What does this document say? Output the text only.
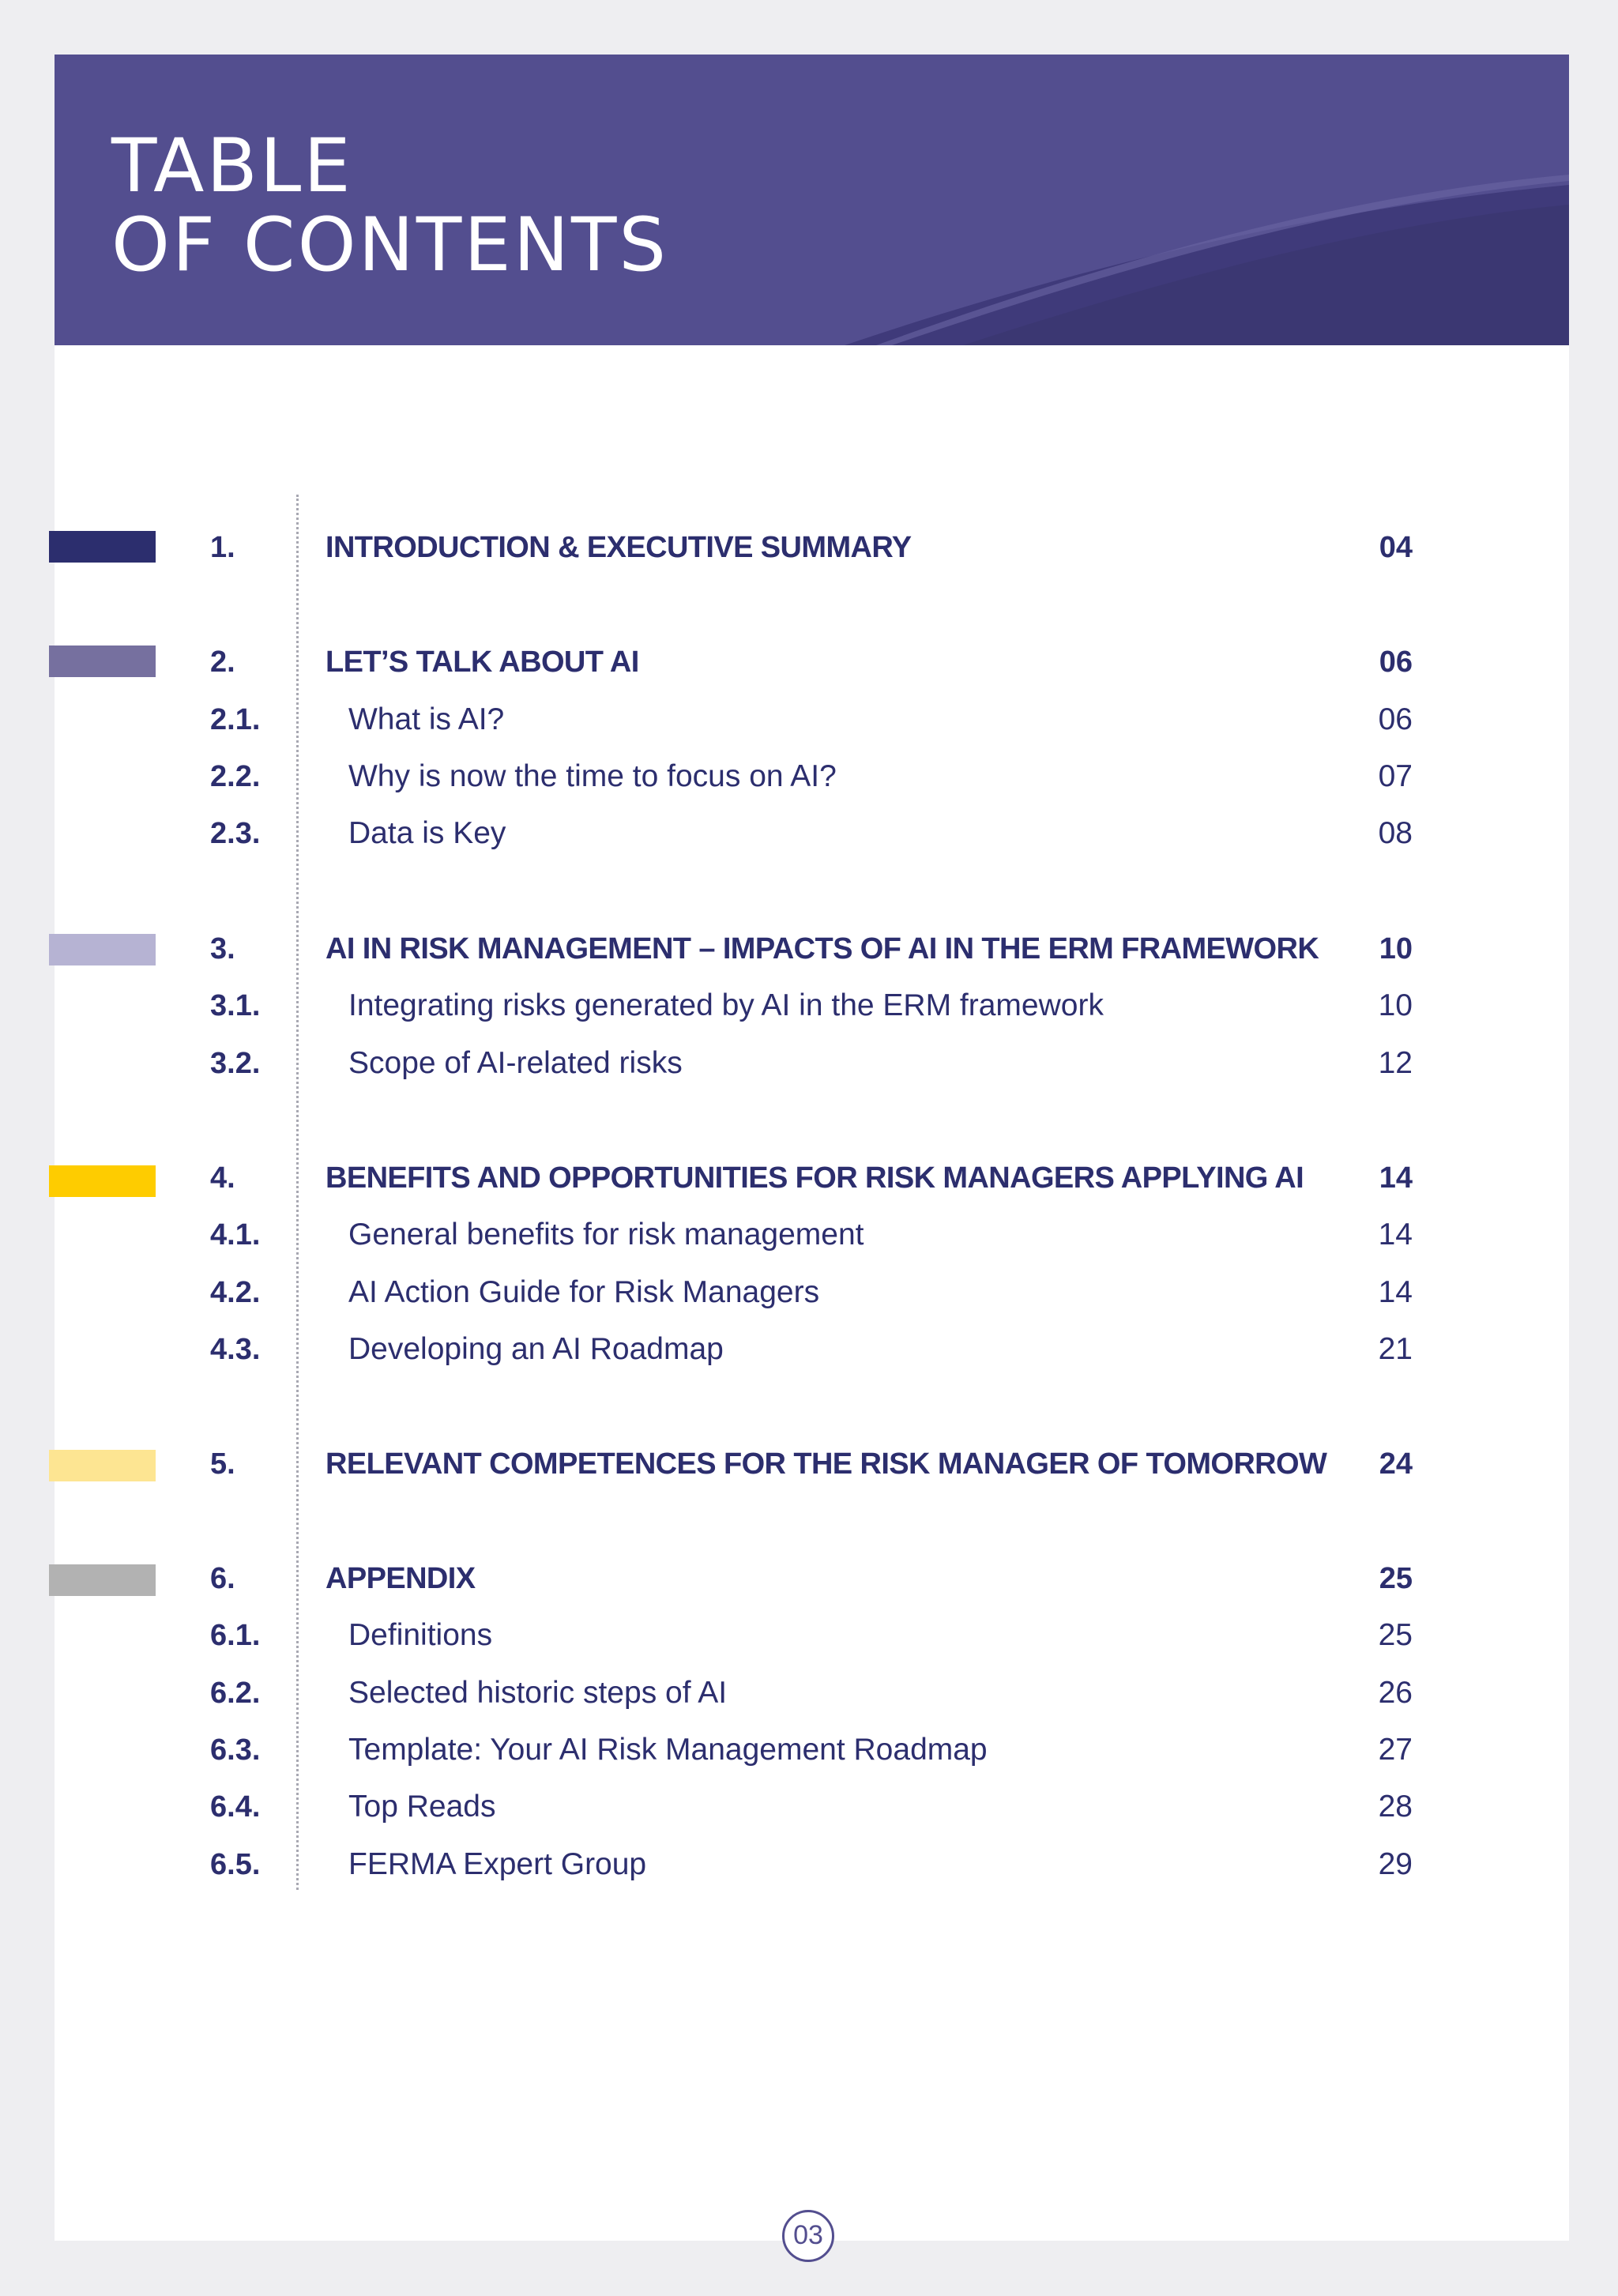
TABLE
OF CONTENTS
1.	INTRODUCTION & EXECUTIVE SUMMARY	04
2.	LET’S TALK ABOUT AI	06
2.1.	What is AI?	06
2.2.	Why is now the time to focus on AI?	07
2.3.	Data is Key	08
3.	AI IN RISK MANAGEMENT – IMPACTS OF AI IN THE ERM FRAMEWORK 10
3.1.	Integrating risks generated by AI in the ERM framework	10
3.2.	Scope of AI-related risks	12
4.	BENEFITS AND OPPORTUNITIES FOR RISK MANAGERS APPLYING AI	14
4.1.	General benefits for risk management	14
4.2.	AI Action Guide for Risk Managers	14
4.3.	Developing an AI Roadmap	21
5.	RELEVANT COMPETENCES FOR THE RISK MANAGER OF TOMORROW 24
6.	APPENDIX	25
6.1.	Definitions	25
6.2.	Selected historic steps of AI	26
6.3.	Template: Your AI Risk Management Roadmap	27
6.4.	Top Reads	28
6.5.	FERMA Expert Group	29
03
